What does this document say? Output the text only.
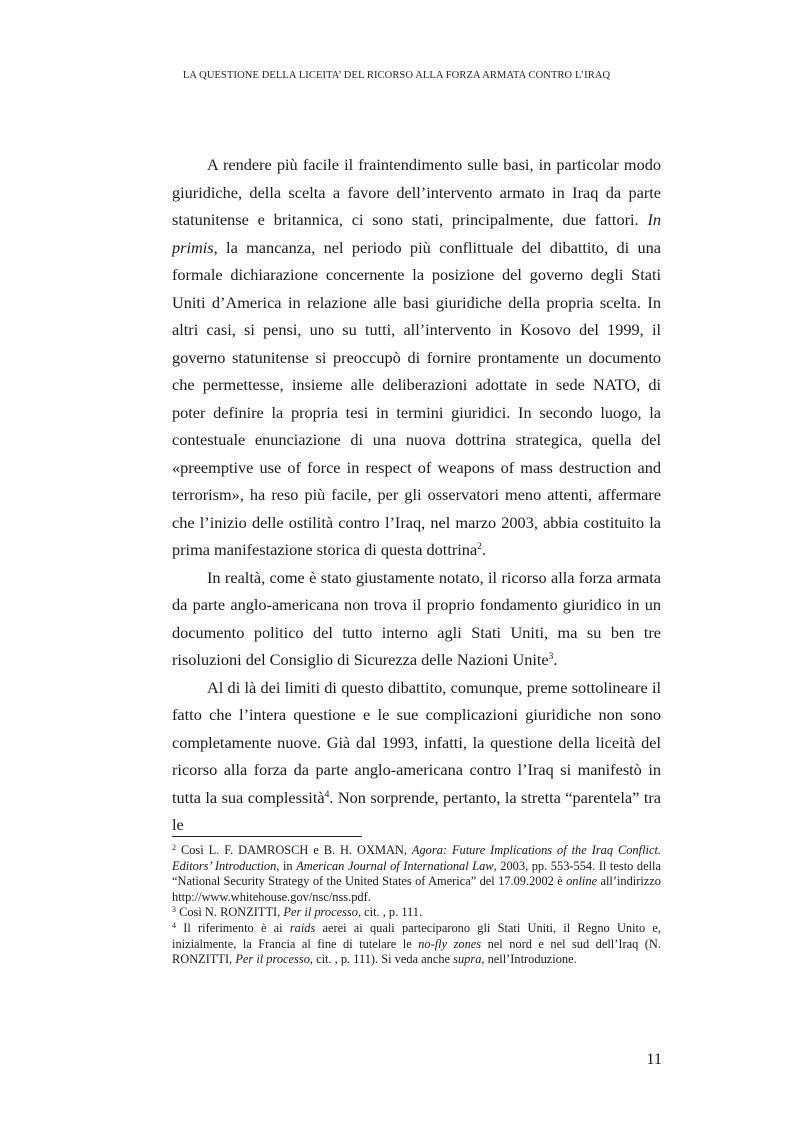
LA QUESTIONE DELLA LICEITA’ DEL RICORSO ALLA FORZA ARMATA CONTRO L’IRAQ

A rendere più facile il fraintendimento sulle basi, in particolar modo giuridiche, della scelta a favore dell’intervento armato in Iraq da parte statunitense e britannica, ci sono stati, principalmente, due fattori. In primis, la mancanza, nel periodo più conflittuale del dibattito, di una formale dichiarazione concernente la posizione del governo degli Stati Uniti d’America in relazione alle basi giuridiche della propria scelta. In altri casi, si pensi, uno su tutti, all’intervento in Kosovo del 1999, il governo statunitense si preoccupò di fornire prontamente un documento che permettesse, insieme alle deliberazioni adottate in sede NATO, di poter definire la propria tesi in termini giuridici. In secondo luogo, la contestuale enunciazione di una nuova dottrina strategica, quella del «preemptive use of force in respect of weapons of mass destruction and terrorism», ha reso più facile, per gli osservatori meno attenti, affermare che l’inizio delle ostilità contro l’Iraq, nel marzo 2003, abbia costituito la prima manifestazione storica di questa dottrina$^2$.

In realtà, come è stato giustamente notato, il ricorso alla forza armata da parte anglo-americana non trova il proprio fondamento giuridico in un documento politico del tutto interno agli Stati Uniti, ma su ben tre risoluzioni del Consiglio di Sicurezza delle Nazioni Unite$^3$.

Al di là dei limiti di questo dibattito, comunque, preme sottolineare il fatto che l’intera questione e le sue complicazioni giuridiche non sono completamente nuove. Già dal 1993, infatti, la questione della liceità del ricorso alla forza da parte anglo-americana contro l’Iraq si manifestò in tutta la sua complessità$^4$. Non sorprende, pertanto, la stretta “parentela” tra le

$^2$ Così L. F. DAMROSCH e B. H. OXMAN, Agora: Future Implications of the Iraq Conflict. Editors’ Introduction, in American Journal of International Law, 2003, pp. 553-554. Il testo della “National Security Strategy of the United States of America” del 17.09.2002 è online all’indirizzo http://www.whitehouse.gov/nsc/nss.pdf.

$^3$ Così N. RONZITTI, Per il processo, cit. , p. 111.

$^4$ Il riferimento è ai raids aerei ai quali parteciparono gli Stati Uniti, il Regno Unito e, inizialmente, la Francia al fine di tutelare le no-fly zones nel nord e nel sud dell’Iraq (N. RONZITTI, Per il processo, cit. , p. 111). Si veda anche supra, nell’Introduzione.

11
